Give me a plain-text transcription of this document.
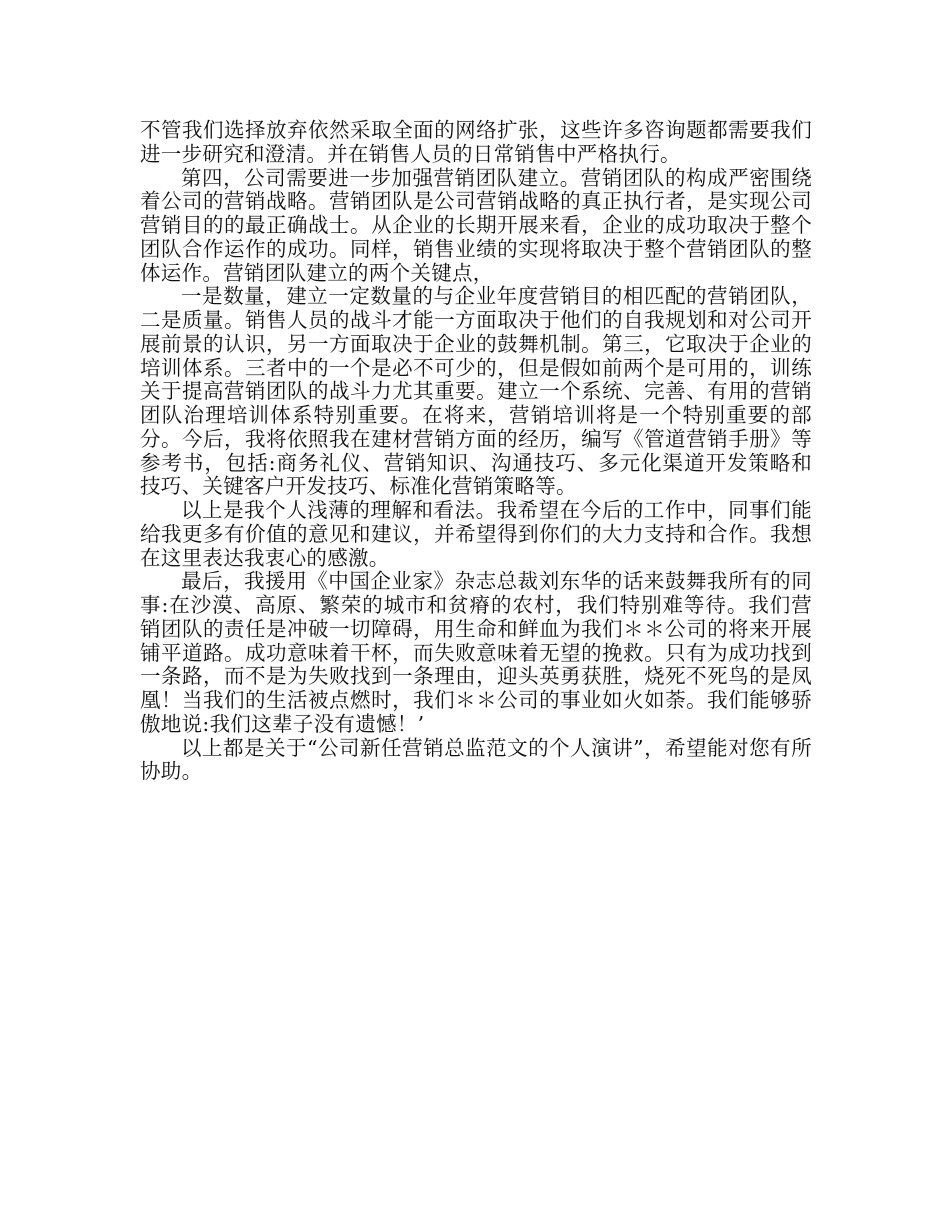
不管我们选择放弃依然采取全面的网络扩张，这些许多咨询题都需要我们进一步研究和澄清。并在销售人员的日常销售中严格执行。

第四，公司需要进一步加强营销团队建立。营销团队的构成严密围绕着公司的营销战略。营销团队是公司营销战略的真正执行者，是实现公司营销目的的最正确战士。从企业的长期开展来看，企业的成功取决于整个团队合作运作的成功。同样，销售业绩的实现将取决于整个营销团队的整体运作。营销团队建立的两个关键点，

一是数量，建立一定数量的与企业年度营销目的相匹配的营销团队，二是质量。销售人员的战斗才能一方面取决于他们的自我规划和对公司开展前景的认识，另一方面取决于企业的鼓舞机制。第三，它取决于企业的培训体系。三者中的一个是必不可少的，但是假如前两个是可用的，训练关于提高营销团队的战斗力尤其重要。建立一个系统、完善、有用的营销团队治理培训体系特别重要。在将来，营销培训将是一个特别重要的部分。今后，我将依照我在建材营销方面的经历，编写《管道营销手册》等参考书，包括:商务礼仪、营销知识、沟通技巧、多元化渠道开发策略和技巧、关键客户开发技巧、标准化营销策略等。

以上是我个人浅薄的理解和看法。我希望在今后的工作中，同事们能给我更多有价值的意见和建议，并希望得到你们的大力支持和合作。我想在这里表达我衷心的感激。

最后，我援用《中国企业家》杂志总裁刘东华的话来鼓舞我所有的同事:在沙漠、高原、繁荣的城市和贫瘠的农村，我们特别难等待。我们营销团队的责任是冲破一切障碍，用生命和鲜血为我们＊＊公司的将来开展铺平道路。成功意味着干杯，而失败意味着无望的挽救。只有为成功找到一条路，而不是为失败找到一条理由，迎头英勇获胜，烧死不死鸟的是凤凰！当我们的生活被点燃时，我们＊＊公司的事业如火如荼。我们能够骄傲地说:我们这辈子没有遗憾！’

以上都是关于“公司新任营销总监范文的个人演讲”，希望能对您有所协助。
